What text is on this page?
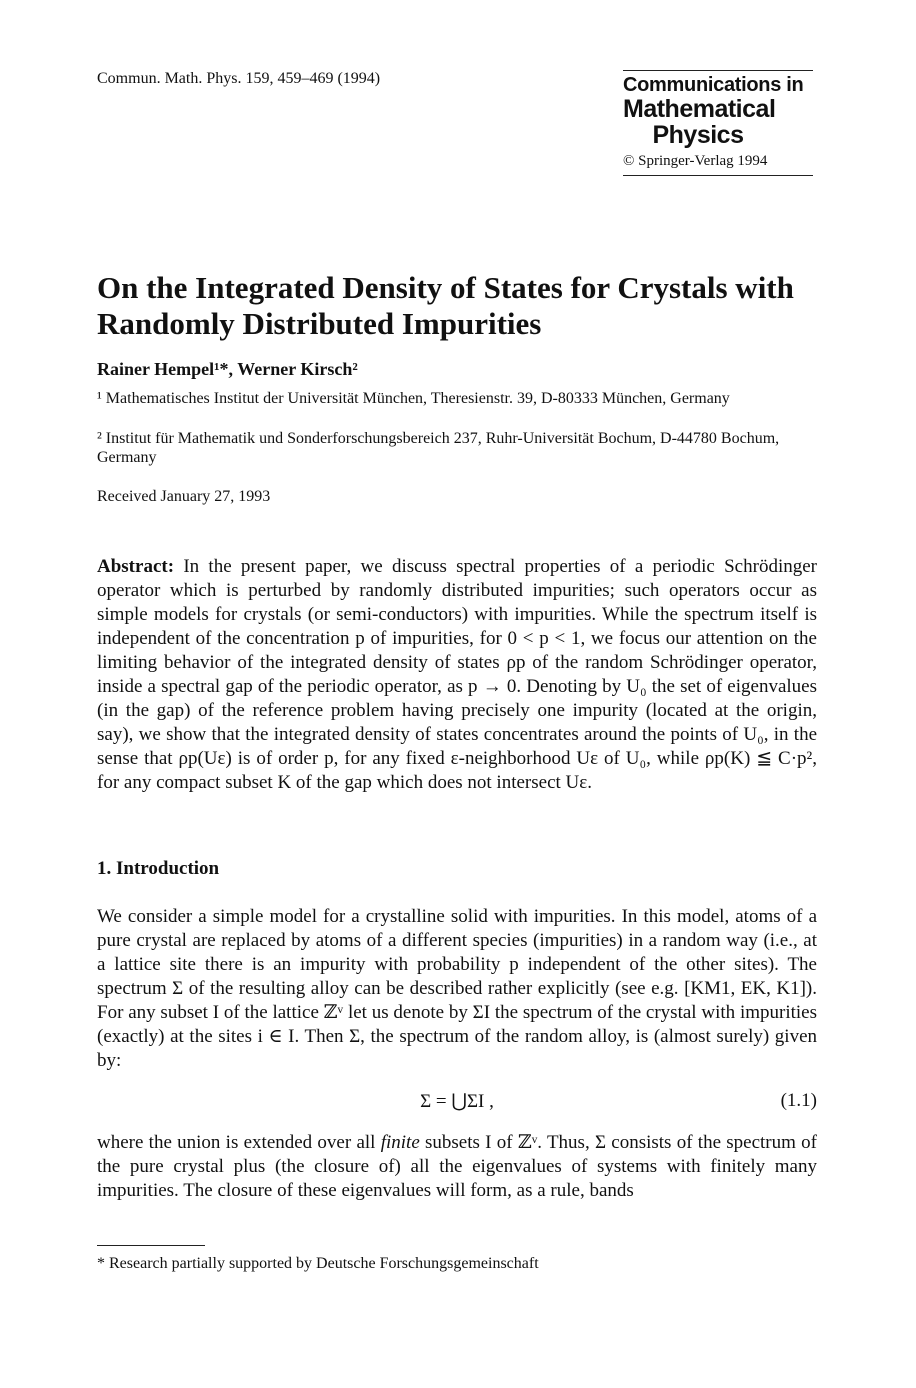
Commun. Math. Phys. 159, 459–469 (1994)	Communications in
Mathematical
Physics
© Springer-Verlag 1994
On the Integrated Density of States for Crystals with Randomly Distributed Impurities
Rainer Hempel¹*, Werner Kirsch²
¹ Mathematisches Institut der Universität München, Theresienstr. 39, D-80333 München, Germany
² Institut für Mathematik und Sonderforschungsbereich 237, Ruhr-Universität Bochum, D-44780 Bochum, Germany
Received January 27, 1993
Abstract: In the present paper, we discuss spectral properties of a periodic Schrödinger operator which is perturbed by randomly distributed impurities; such operators occur as simple models for crystals (or semi-conductors) with impurities. While the spectrum itself is independent of the concentration p of impurities, for 0 < p < 1, we focus our attention on the limiting behavior of the integrated density of states ρp of the random Schrödinger operator, inside a spectral gap of the periodic operator, as p → 0. Denoting by U₀ the set of eigenvalues (in the gap) of the reference problem having precisely one impurity (located at the origin, say), we show that the integrated density of states concentrates around the points of U₀, in the sense that ρp(Uε) is of order p, for any fixed ε-neighborhood Uε of U₀, while ρp(K) ≦ C·p², for any compact subset K of the gap which does not intersect Uε.
1. Introduction
We consider a simple model for a crystalline solid with impurities. In this model, atoms of a pure crystal are replaced by atoms of a different species (impurities) in a random way (i.e., at a lattice site there is an impurity with probability p independent of the other sites). The spectrum Σ of the resulting alloy can be described rather explicitly (see e.g. [KM1, EK, K1]). For any subset I of the lattice ℤᵛ let us denote by ΣI the spectrum of the crystal with impurities (exactly) at the sites i ∈ I. Then Σ, the spectrum of the random alloy, is (almost surely) given by:
Σ = ⋃ΣI ,	(1.1)
where the union is extended over all finite subsets I of ℤᵛ. Thus, Σ consists of the spectrum of the pure crystal plus (the closure of) all the eigenvalues of systems with finitely many impurities. The closure of these eigenvalues will form, as a rule, bands
* Research partially supported by Deutsche Forschungsgemeinschaft
